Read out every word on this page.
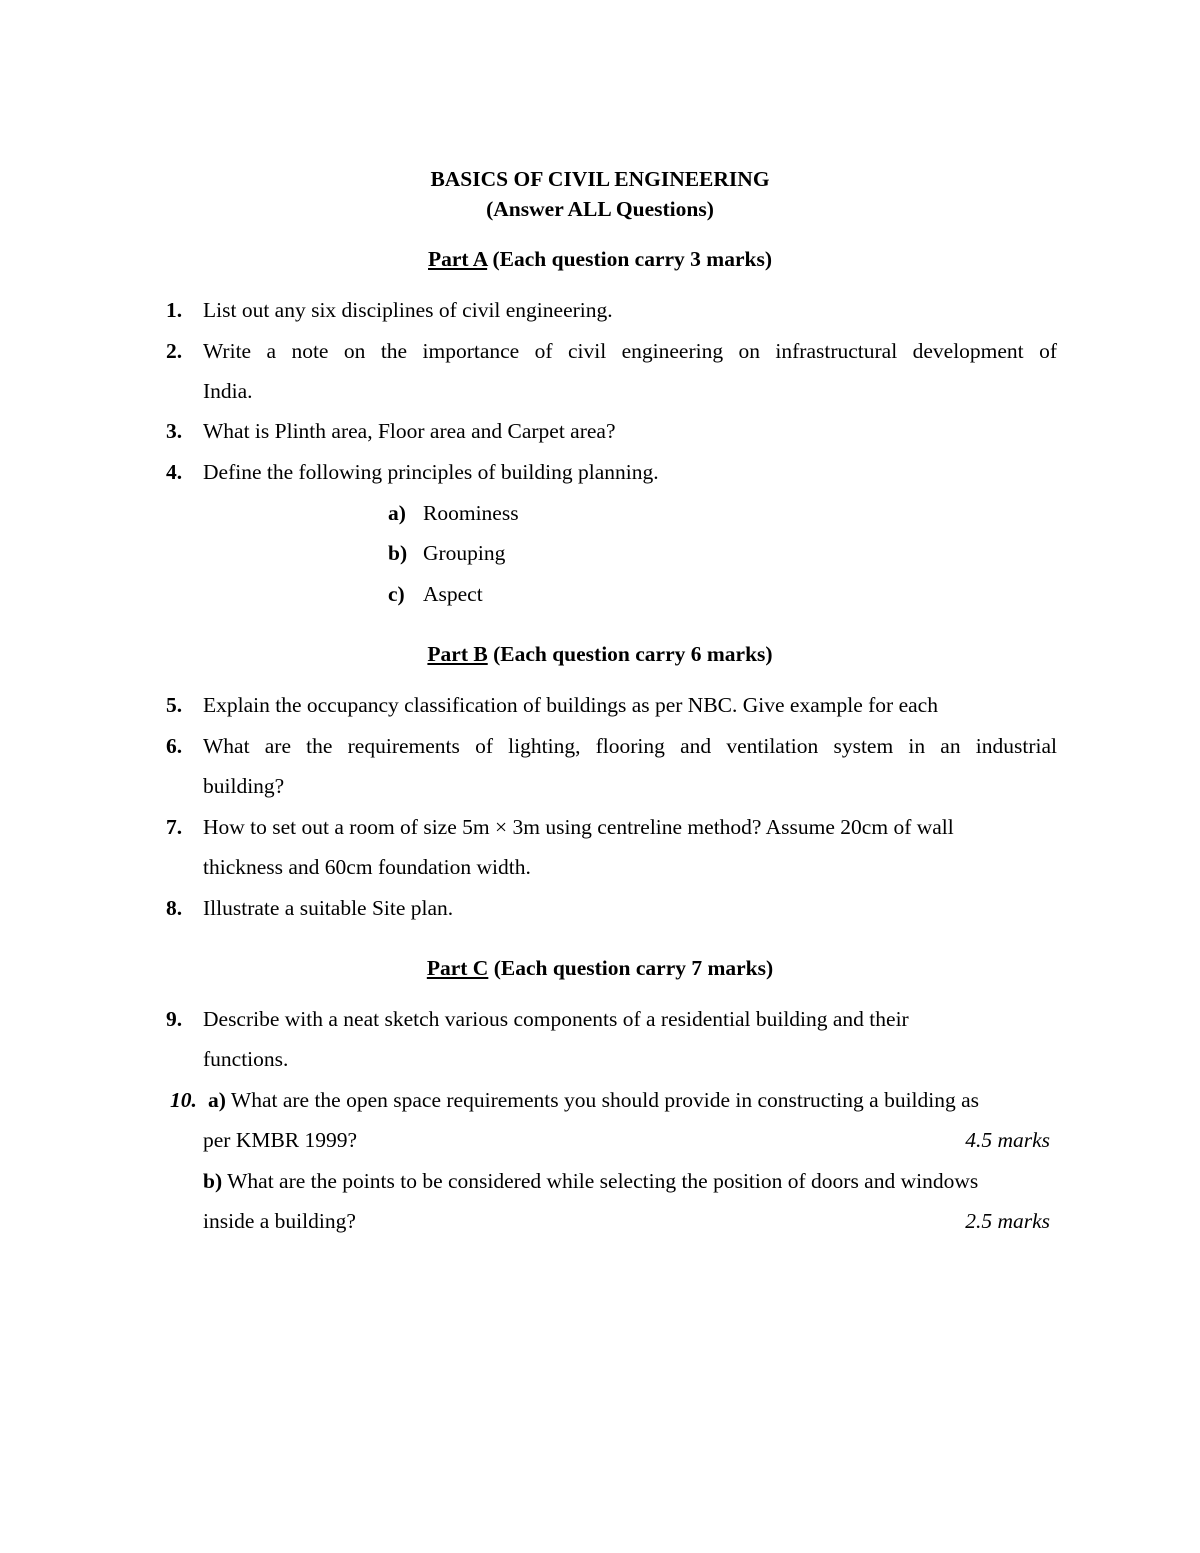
BASICS OF CIVIL ENGINEERING
(Answer ALL Questions)
Part A (Each question carry 3 marks)
1. List out any six disciplines of civil engineering.
2. Write a note on the importance of civil engineering on infrastructural development of
India.
3. What is Plinth area, Floor area and Carpet area?
4. Define the following principles of building planning.
a) Roominess
b) Grouping
c) Aspect
Part B (Each question carry 6 marks)
5. Explain the occupancy classification of buildings as per NBC. Give example for each
6. What are the requirements of lighting, flooring and ventilation system in an industrial
building?
7. How to set out a room of size 5m × 3m using centreline method? Assume 20cm of wall
thickness and 60cm foundation width.
8. Illustrate a suitable Site plan.
Part C (Each question carry 7 marks)
9. Describe with a neat sketch various components of a residential building and their
functions.
10. a) What are the open space requirements you should provide in constructing a building as
per KMBR 1999?	4.5 marks
b) What are the points to be considered while selecting the position of doors and windows
inside a building?	2.5 marks
